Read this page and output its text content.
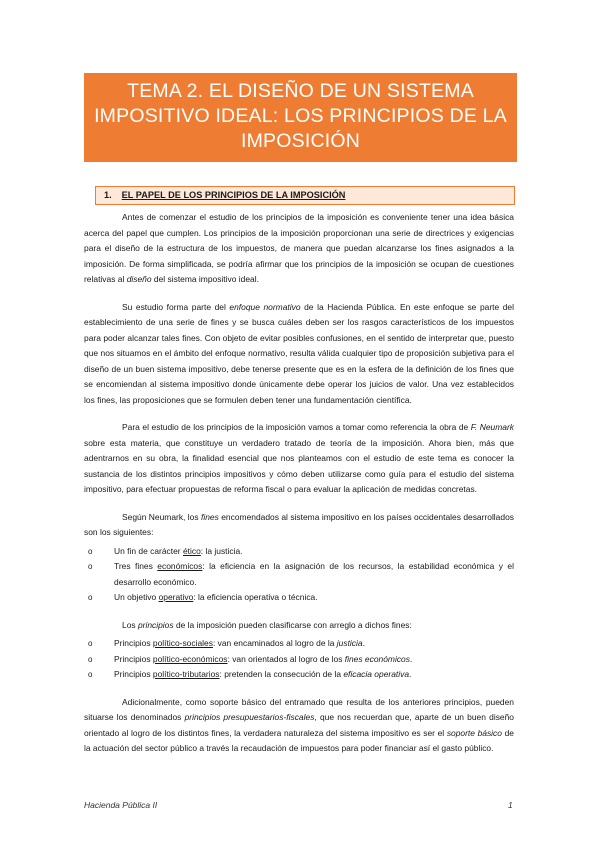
TEMA 2. EL DISEÑO DE UN SISTEMA
IMPOSITIVO IDEAL: LOS PRINCIPIOS DE LA
IMPOSICIÓN
1. EL PAPEL DE LOS PRINCIPIOS DE LA IMPOSICIÓN

Antes de comenzar el estudio de los principios de la imposición es conveniente tener una idea básica acerca del papel que cumplen. Los principios de la imposición proporcionan una serie de directrices y exigencias para el diseño de la estructura de los impuestos, de manera que puedan alcanzarse los fines asignados a la imposición. De forma simplificada, se podría afirmar que los principios de la imposición se ocupan de cuestiones relativas al diseño del sistema impositivo ideal.

Su estudio forma parte del enfoque normativo de la Hacienda Pública. En este enfoque se parte del establecimiento de una serie de fines y se busca cuáles deben ser los rasgos característicos de los impuestos para poder alcanzar tales fines. Con objeto de evitar posibles confusiones, en el sentido de interpretar que, puesto que nos situamos en el ámbito del enfoque normativo, resulta válida cualquier tipo de proposición subjetiva para el diseño de un buen sistema impositivo, debe tenerse presente que es en la esfera de la definición de los fines que se encomiendan al sistema impositivo donde únicamente debe operar los juicios de valor. Una vez establecidos los fines, las proposiciones que se formulen deben tener una fundamentación científica.

Para el estudio de los principios de la imposición vamos a tomar como referencia la obra de F. Neumark sobre esta materia, que constituye un verdadero tratado de teoría de la imposición. Ahora bien, más que adentrarnos en su obra, la finalidad esencial que nos planteamos con el estudio de este tema es conocer la sustancia de los distintos principios impositivos y cómo deben utilizarse como guía para el estudio del sistema impositivo, para efectuar propuestas de reforma fiscal o para evaluar la aplicación de medidas concretas.

Según Neumark, los fines encomendados al sistema impositivo en los países occidentales desarrollados son los siguientes:

o	Un fin de carácter ético: la justicia.
o	Tres fines económicos: la eficiencia en la asignación de los recursos, la estabilidad económica y el desarrollo económico.
o	Un objetivo operativo: la eficiencia operativa o técnica.

Los principios de la imposición pueden clasificarse con arreglo a dichos fines:

o	Principios político-sociales: van encaminados al logro de la justicia.
o	Principios político-económicos: van orientados al logro de los fines económicos.
o	Principios político-tributarios: pretenden la consecución de la eficacia operativa.

Adicionalmente, como soporte básico del entramado que resulta de los anteriores principios, pueden situarse los denominados principios presupuestarios-fiscales, que nos recuerdan que, aparte de un buen diseño orientado al logro de los distintos fines, la verdadera naturaleza del sistema impositivo es ser el soporte básico de la actuación del sector público a través la recaudación de impuestos para poder financiar así el gasto público.

Hacienda Pública II	1
